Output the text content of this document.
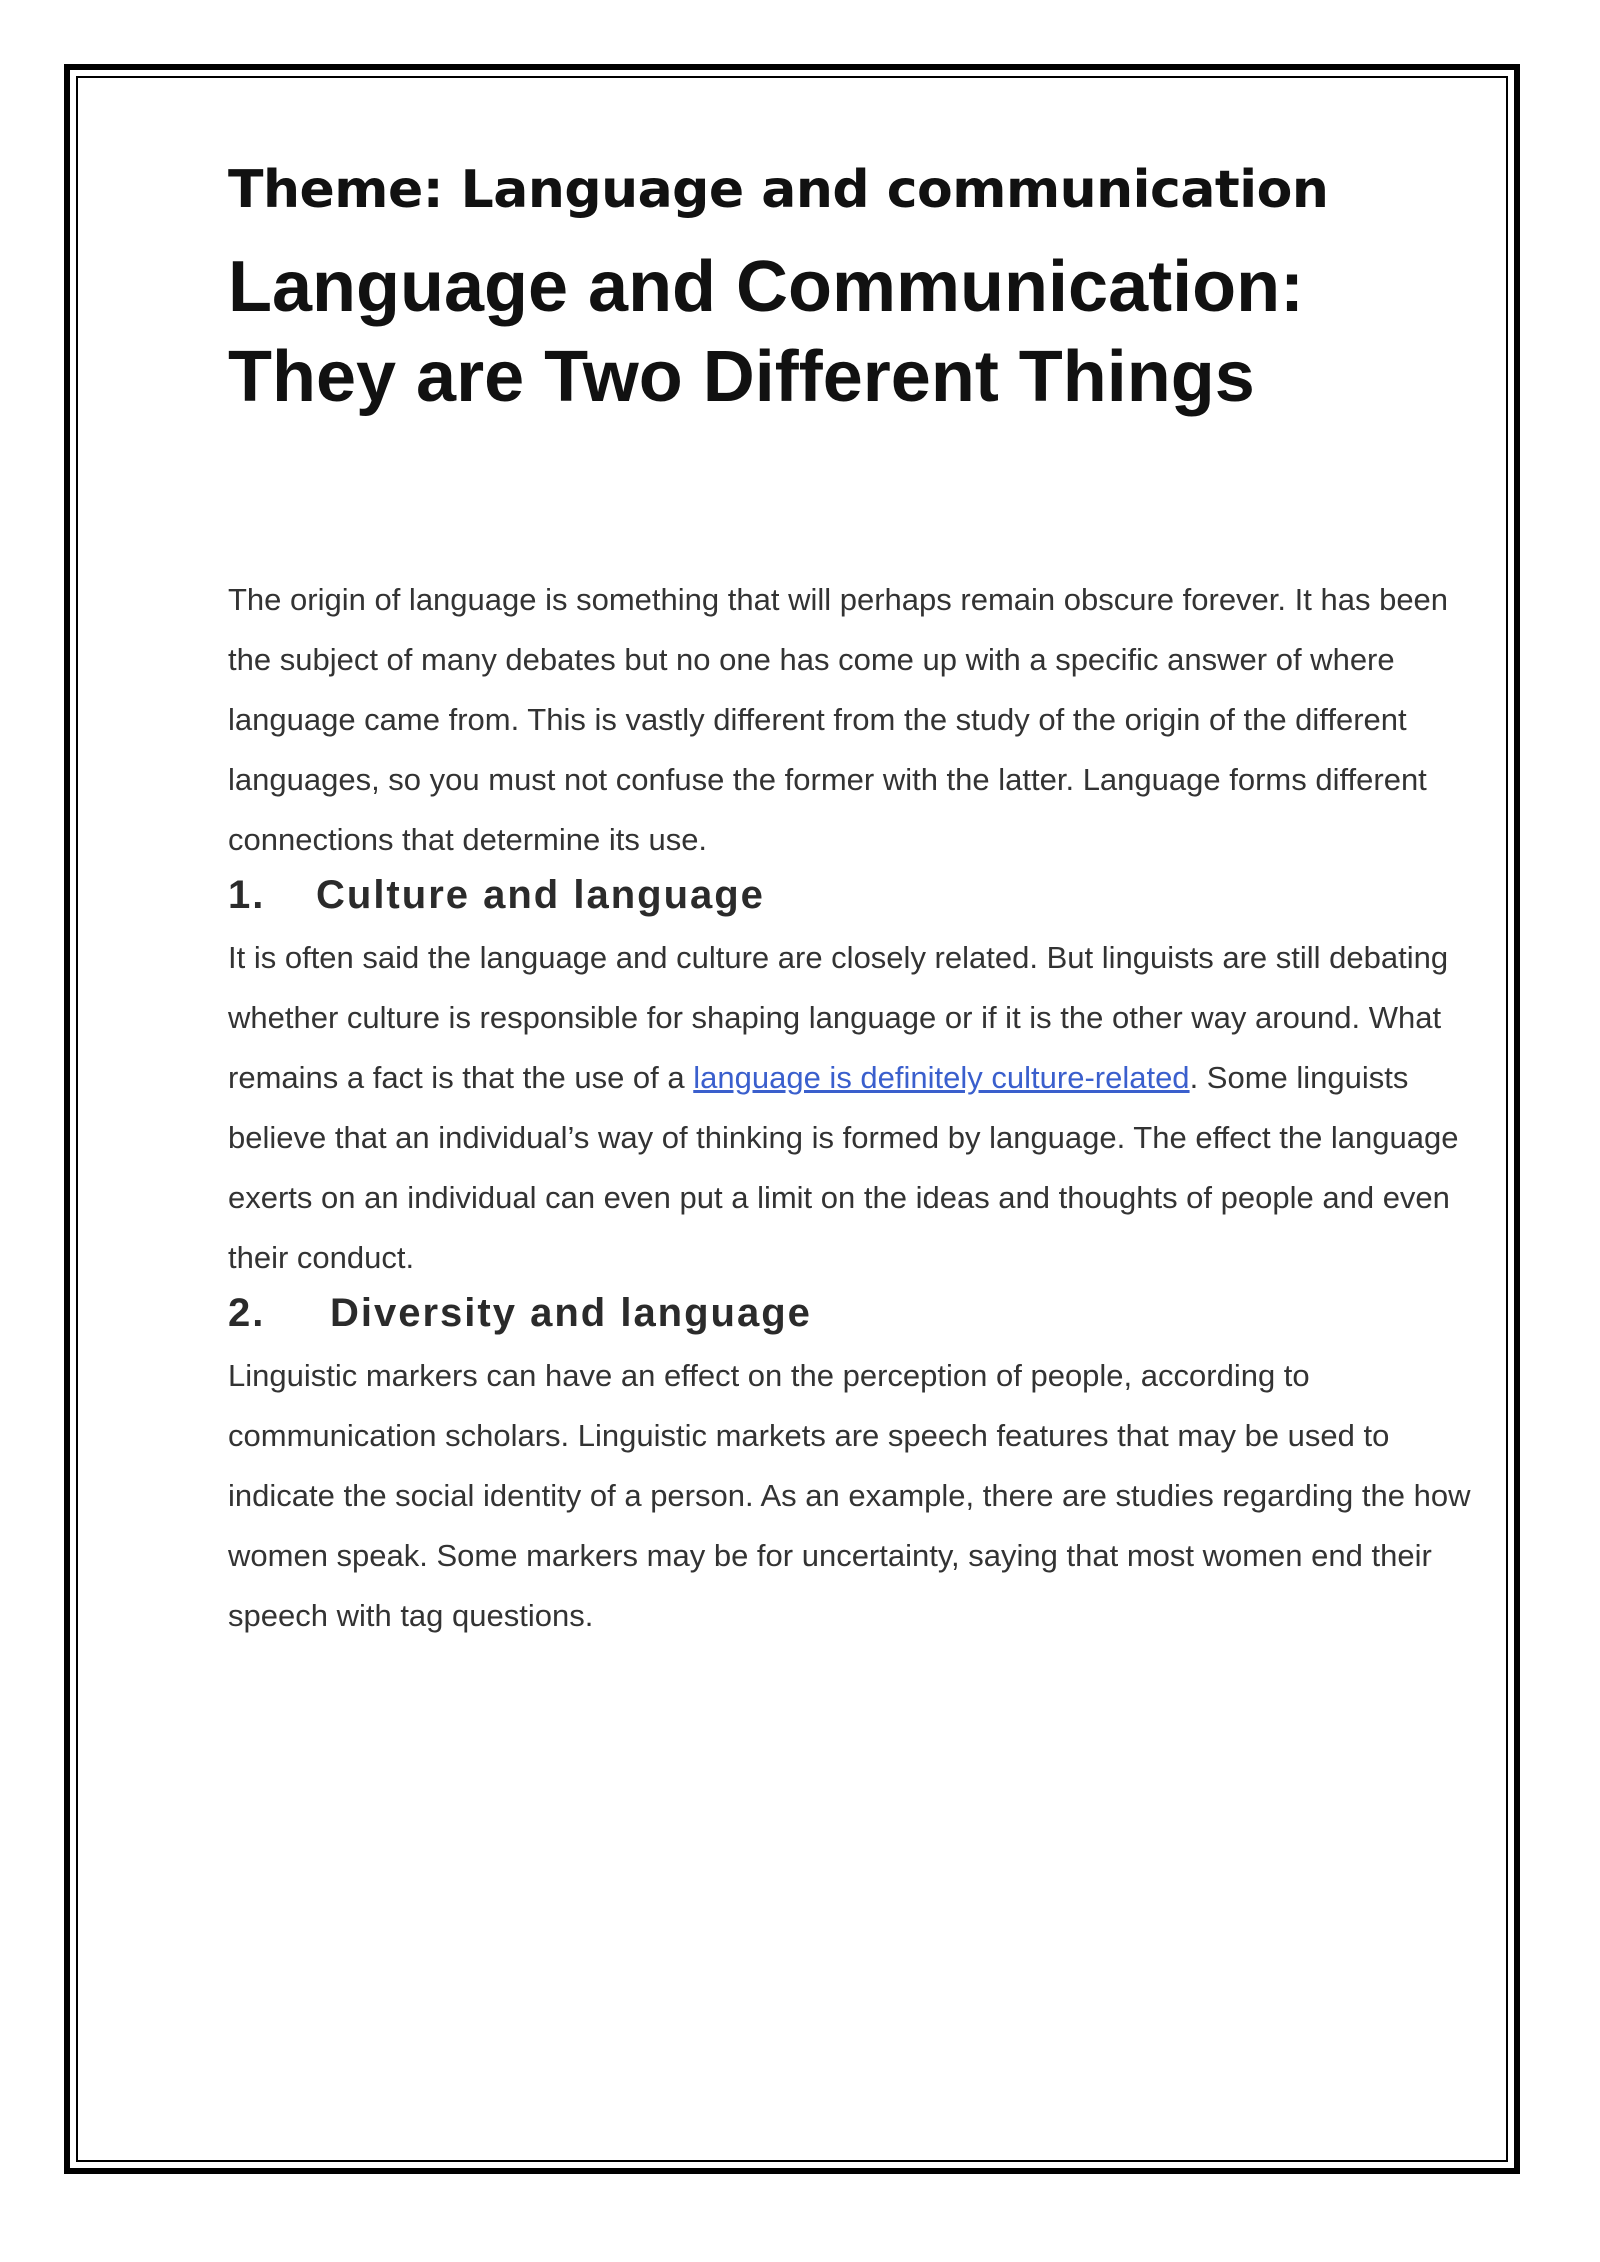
Theme: Language and communication
Language and Communication:
They are Two Different Things

The origin of language is something that will perhaps remain obscure forever. It has been the subject of many debates but no one has come up with a specific answer of where language came from. This is vastly different from the study of the origin of the different languages, so you must not confuse the former with the latter. Language forms different connections that determine its use.

1.	Culture and language

It is often said the language and culture are closely related. But linguists are still debating whether culture is responsible for shaping language or if it is the other way around. What remains a fact is that the use of a language is definitely culture-related. Some linguists believe that an individual’s way of thinking is formed by language. The effect the language exerts on an individual can even put a limit on the ideas and thoughts of people and even their conduct.

2.	Diversity and language

Linguistic markers can have an effect on the perception of people, according to communication scholars. Linguistic markets are speech features that may be used to indicate the social identity of a person. As an example, there are studies regarding the how women speak. Some markers may be for uncertainty, saying that most women end their speech with tag questions.
